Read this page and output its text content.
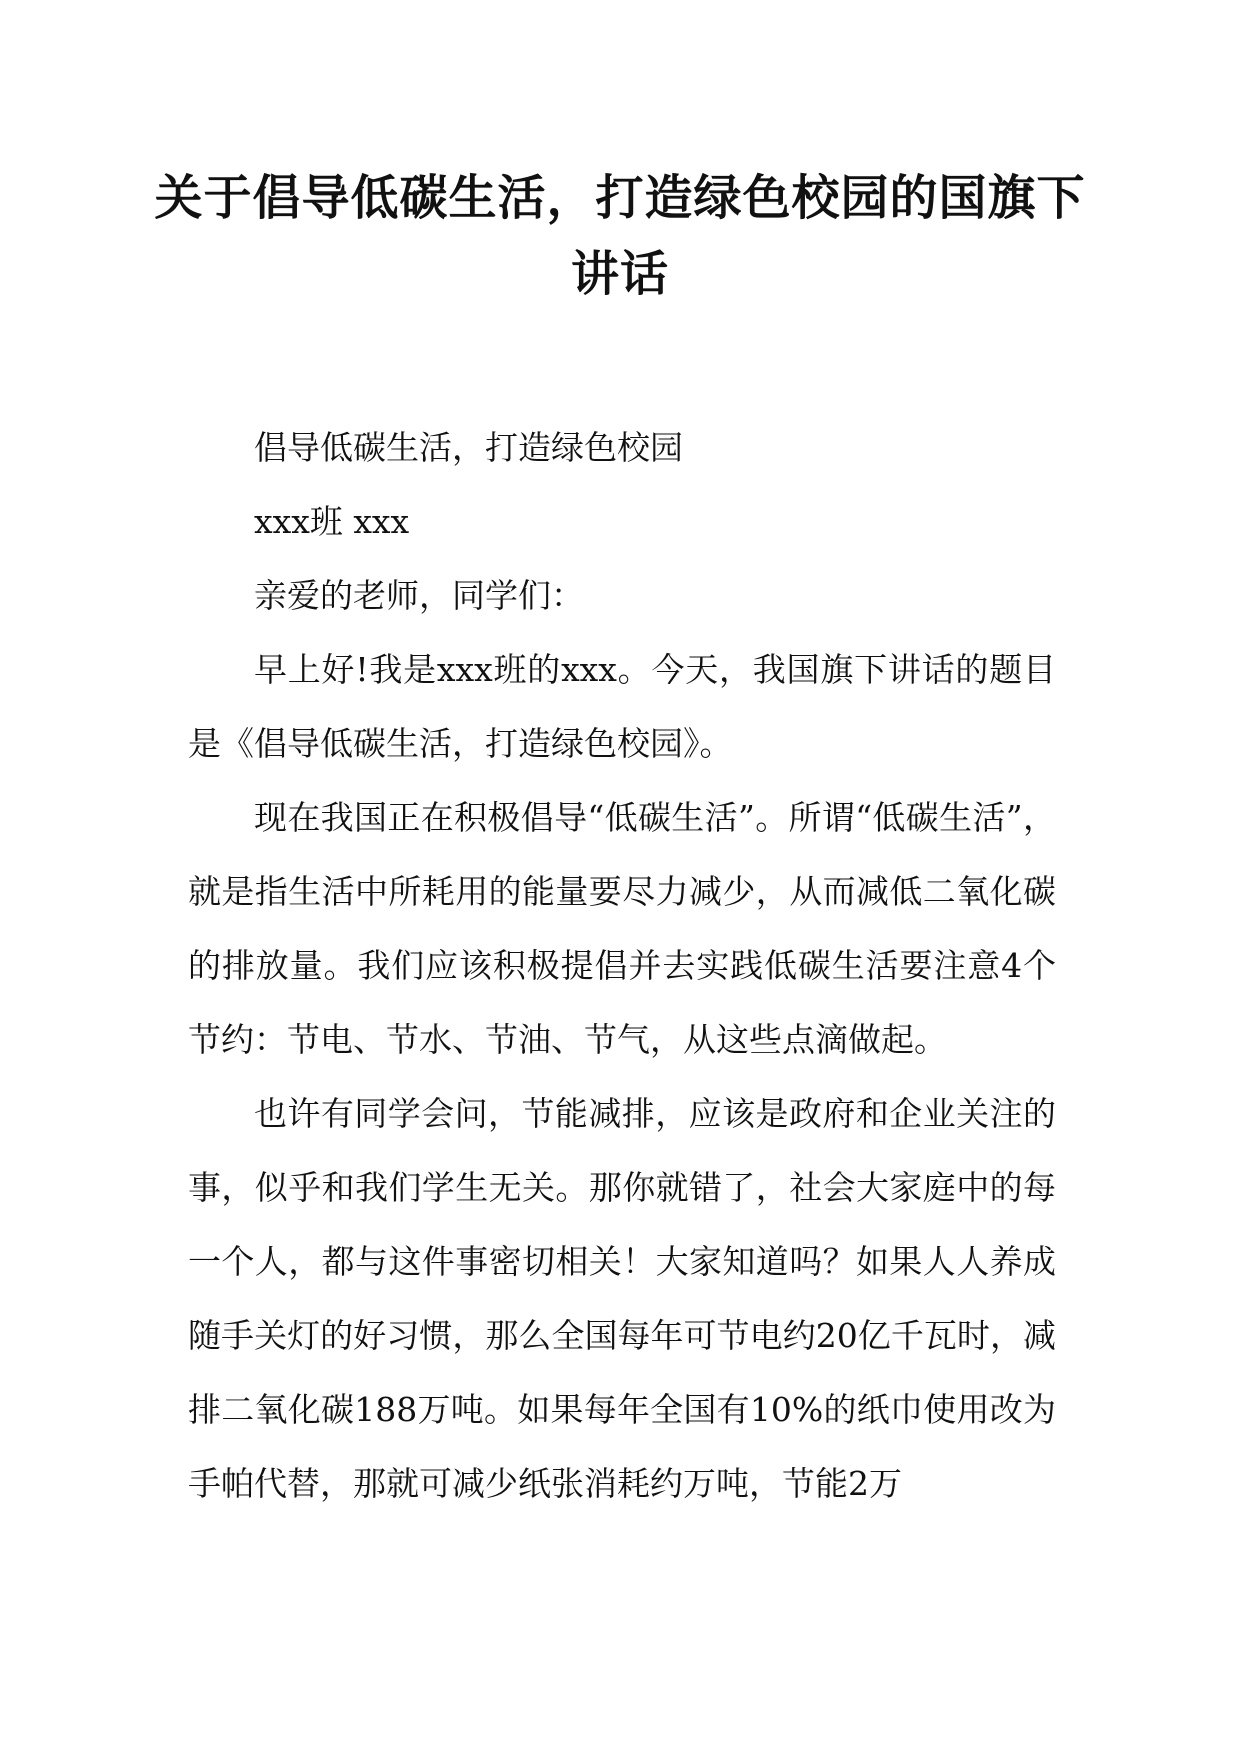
关于倡导低碳生活，打造绿色校园的国旗下讲话

倡导低碳生活，打造绿色校园

xxx班 xxx

亲爱的老师，同学们：

早上好!我是xxx班的xxx。今天，我国旗下讲话的题目是《倡导低碳生活，打造绿色校园》。

现在我国正在积极倡导“低碳生活”。所谓“低碳生活”，就是指生活中所耗用的能量要尽力减少，从而减低二氧化碳的排放量。我们应该积极提倡并去实践低碳生活要注意4个节约：节电、节水、节油、节气，从这些点滴做起。

也许有同学会问，节能减排，应该是政府和企业关注的事，似乎和我们学生无关。那你就错了，社会大家庭中的每一个人，都与这件事密切相关！大家知道吗？如果人人养成随手关灯的好习惯，那么全国每年可节电约20亿千瓦时，减排二氧化碳188万吨。如果每年全国有10%的纸巾使用改为手帕代替，那就可减少纸张消耗约万吨，节能2万
